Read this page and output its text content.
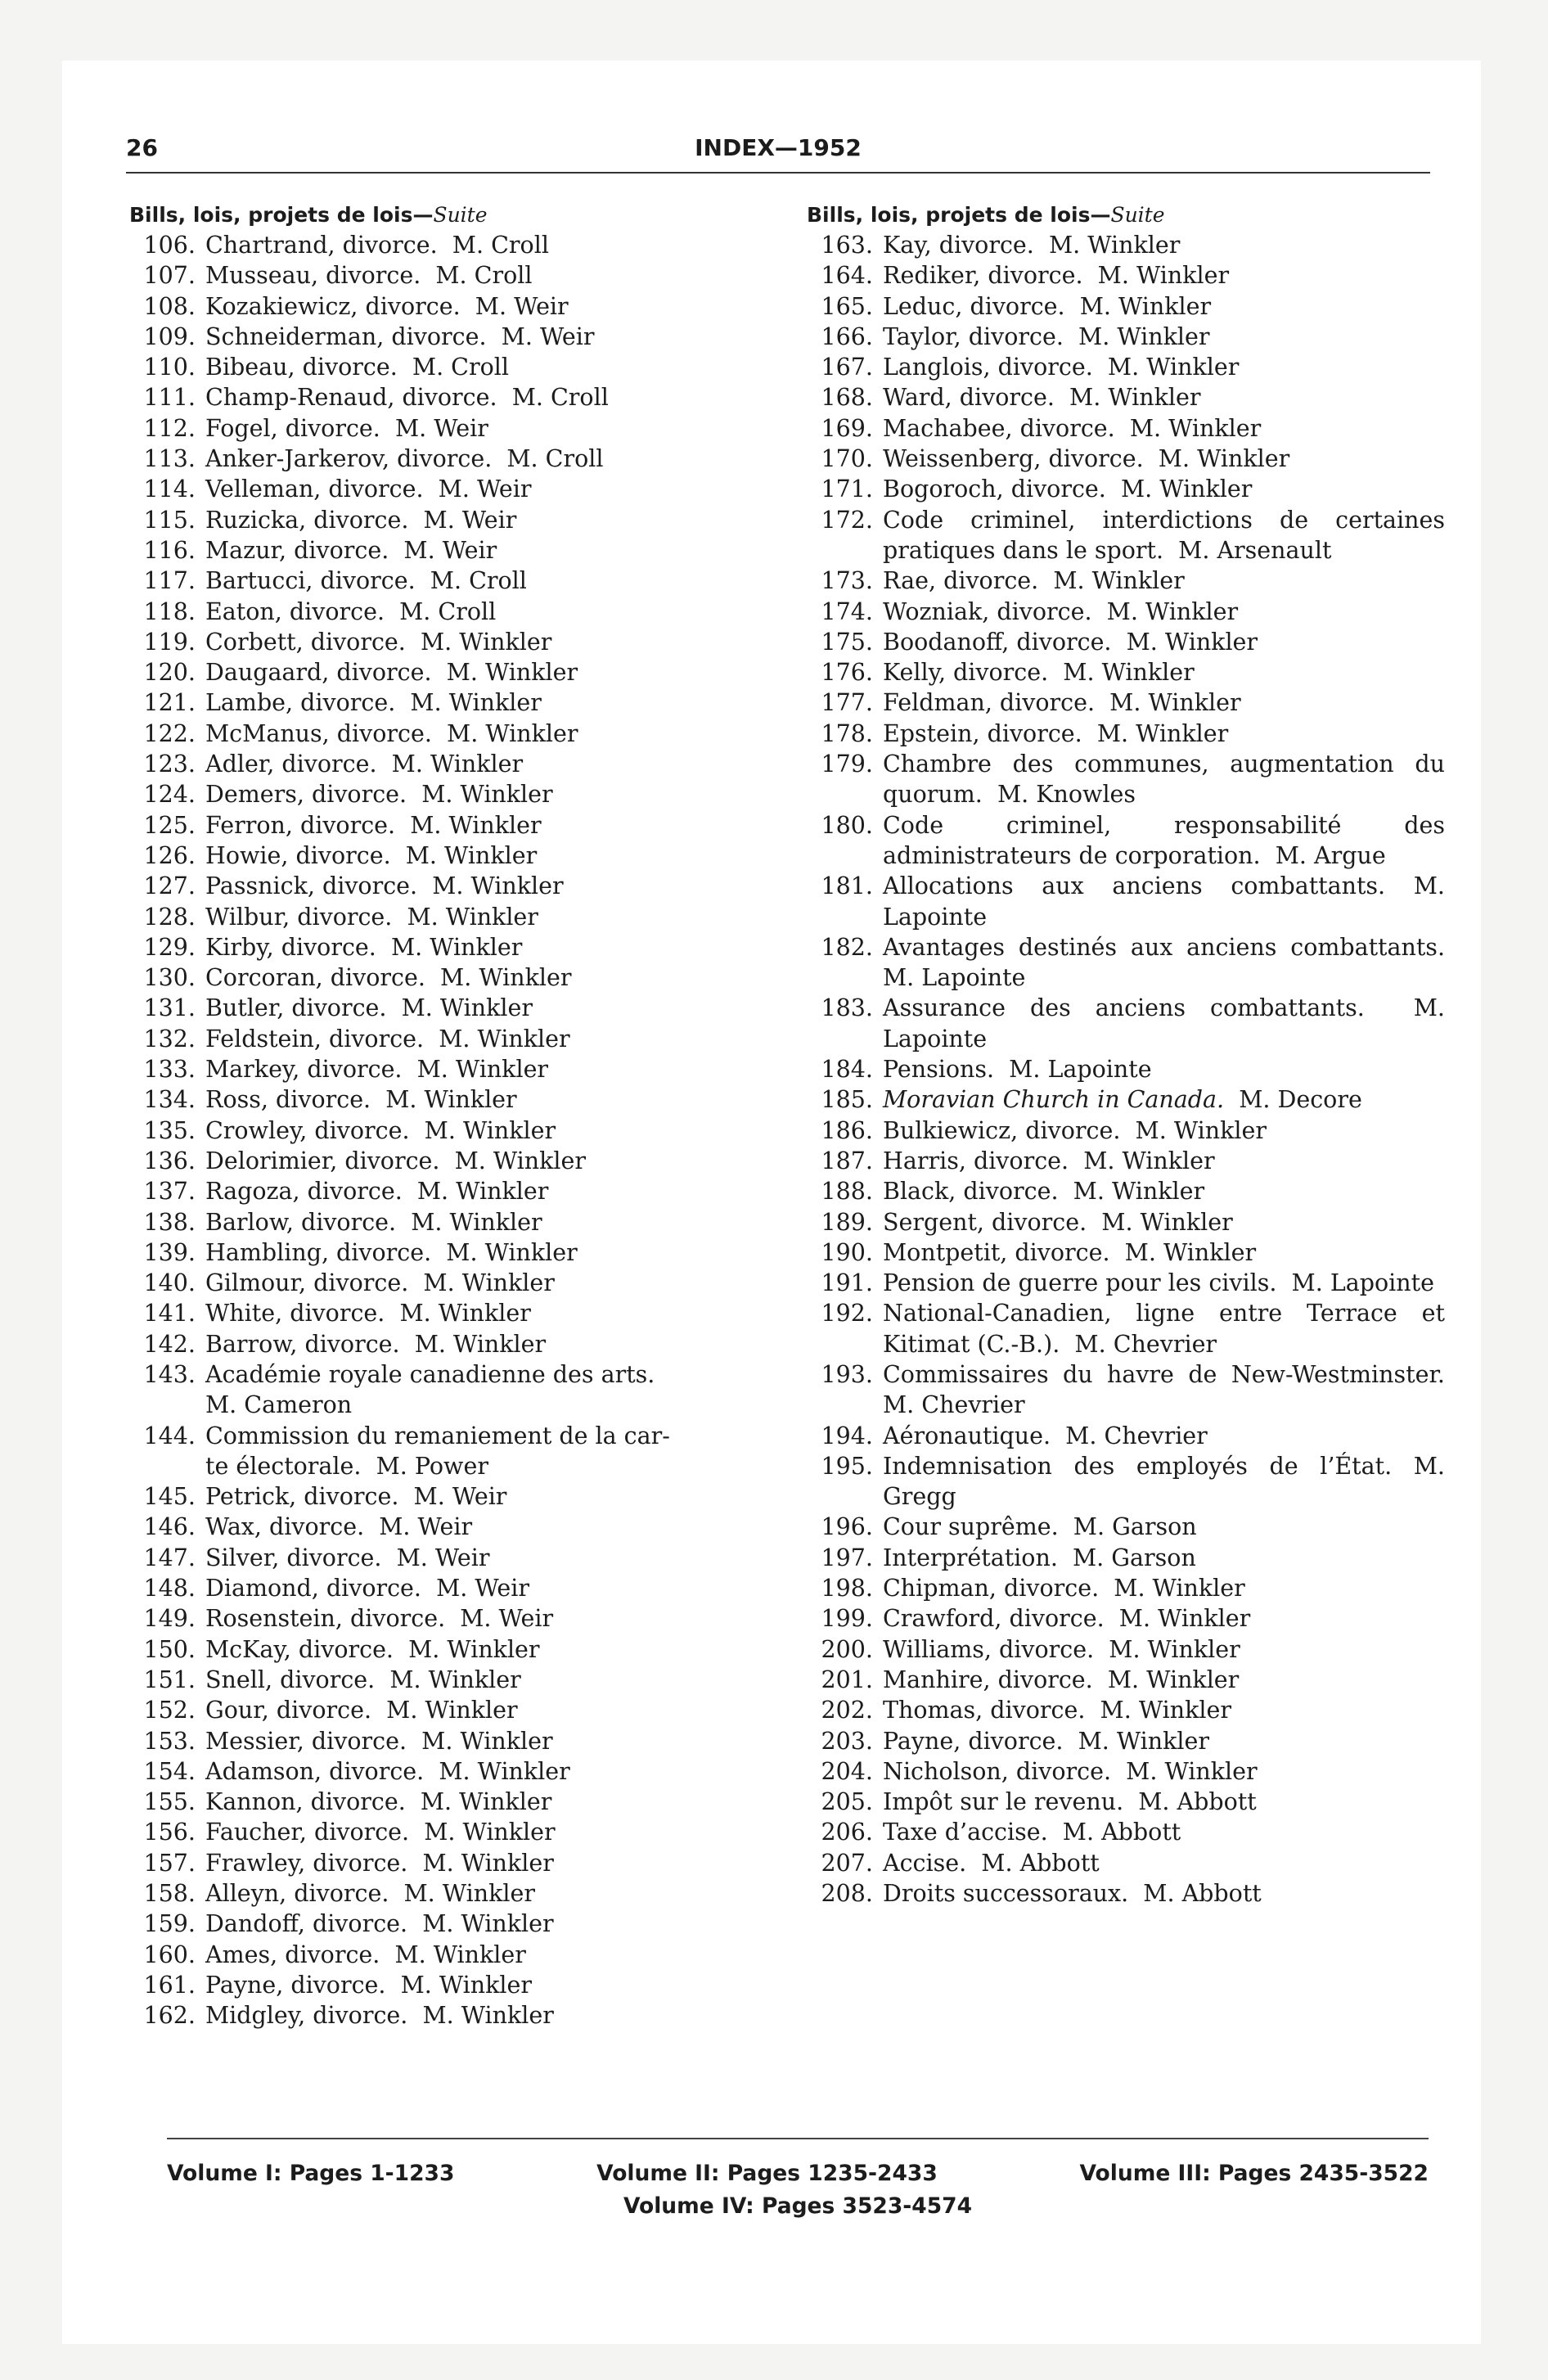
26	INDEX—1952
Bills, lois, projets de lois—Suite
106. Chartrand, divorce.  M. Croll
107. Musseau, divorce.  M. Croll
108. Kozakiewicz, divorce.  M. Weir
109. Schneiderman, divorce.  M. Weir
110. Bibeau, divorce.  M. Croll
111. Champ-Renaud, divorce.  M. Croll
112. Fogel, divorce.  M. Weir
113. Anker-Jarkerov, divorce.  M. Croll
114. Velleman, divorce.  M. Weir
115. Ruzicka, divorce.  M. Weir
116. Mazur, divorce.  M. Weir
117. Bartucci, divorce.  M. Croll
118. Eaton, divorce.  M. Croll
119. Corbett, divorce.  M. Winkler
120. Daugaard, divorce.  M. Winkler
121. Lambe, divorce.  M. Winkler
122. McManus, divorce.  M. Winkler
123. Adler, divorce.  M. Winkler
124. Demers, divorce.  M. Winkler
125. Ferron, divorce.  M. Winkler
126. Howie, divorce.  M. Winkler
127. Passnick, divorce.  M. Winkler
128. Wilbur, divorce.  M. Winkler
129. Kirby, divorce.  M. Winkler
130. Corcoran, divorce.  M. Winkler
131. Butler, divorce.  M. Winkler
132. Feldstein, divorce.  M. Winkler
133. Markey, divorce.  M. Winkler
134. Ross, divorce.  M. Winkler
135. Crowley, divorce.  M. Winkler
136. Delorimier, divorce.  M. Winkler
137. Ragoza, divorce.  M. Winkler
138. Barlow, divorce.  M. Winkler
139. Hambling, divorce.  M. Winkler
140. Gilmour, divorce.  M. Winkler
141. White, divorce.  M. Winkler
142. Barrow, divorce.  M. Winkler
143. Académie royale canadienne des arts.
M. Cameron
144. Commission du remaniement de la car-
te électorale.  M. Power
145. Petrick, divorce.  M. Weir
146. Wax, divorce.  M. Weir
147. Silver, divorce.  M. Weir
148. Diamond, divorce.  M. Weir
149. Rosenstein, divorce.  M. Weir
150. McKay, divorce.  M. Winkler
151. Snell, divorce.  M. Winkler
152. Gour, divorce.  M. Winkler
153. Messier, divorce.  M. Winkler
154. Adamson, divorce.  M. Winkler
155. Kannon, divorce.  M. Winkler
156. Faucher, divorce.  M. Winkler
157. Frawley, divorce.  M. Winkler
158. Alleyn, divorce.  M. Winkler
159. Dandoff, divorce.  M. Winkler
160. Ames, divorce.  M. Winkler
161. Payne, divorce.  M. Winkler
162. Midgley, divorce.  M. Winkler
Bills, lois, projets de lois—Suite
163. Kay, divorce.  M. Winkler
164. Rediker, divorce.  M. Winkler
165. Leduc, divorce.  M. Winkler
166. Taylor, divorce.  M. Winkler
167. Langlois, divorce.  M. Winkler
168. Ward, divorce.  M. Winkler
169. Machabee, divorce.  M. Winkler
170. Weissenberg, divorce.  M. Winkler
171. Bogoroch, divorce.  M. Winkler
172. Code criminel, interdictions de certaines pratiques dans le sport.  M. Arsenault
173. Rae, divorce.  M. Winkler
174. Wozniak, divorce.  M. Winkler
175. Boodanoff, divorce.  M. Winkler
176. Kelly, divorce.  M. Winkler
177. Feldman, divorce.  M. Winkler
178. Epstein, divorce.  M. Winkler
179. Chambre des communes, augmentation du quorum.  M. Knowles
180. Code criminel, responsabilité des administrateurs de corporation.  M. Argue
181. Allocations aux anciens combattants. M. Lapointe
182. Avantages destinés aux anciens combattants.  M. Lapointe
183. Assurance des anciens combattants.  M. Lapointe
184. Pensions.  M. Lapointe
185. Moravian Church in Canada.  M. Decore
186. Bulkiewicz, divorce.  M. Winkler
187. Harris, divorce.  M. Winkler
188. Black, divorce.  M. Winkler
189. Sergent, divorce.  M. Winkler
190. Montpetit, divorce.  M. Winkler
191. Pension de guerre pour les civils.  M. Lapointe
192. National-Canadien, ligne entre Terrace et Kitimat (C.-B.).  M. Chevrier
193. Commissaires du havre de New-Westminster.  M. Chevrier
194. Aéronautique.  M. Chevrier
195. Indemnisation des employés de l’État. M. Gregg
196. Cour suprême.  M. Garson
197. Interprétation.  M. Garson
198. Chipman, divorce.  M. Winkler
199. Crawford, divorce.  M. Winkler
200. Williams, divorce.  M. Winkler
201. Manhire, divorce.  M. Winkler
202. Thomas, divorce.  M. Winkler
203. Payne, divorce.  M. Winkler
204. Nicholson, divorce.  M. Winkler
205. Impôt sur le revenu.  M. Abbott
206. Taxe d’accise.  M. Abbott
207. Accise.  M. Abbott
208. Droits successoraux.  M. Abbott
Volume I: Pages 1-1233	Volume II: Pages 1235-2433	Volume III: Pages 2435-3522
Volume IV: Pages 3523-4574
